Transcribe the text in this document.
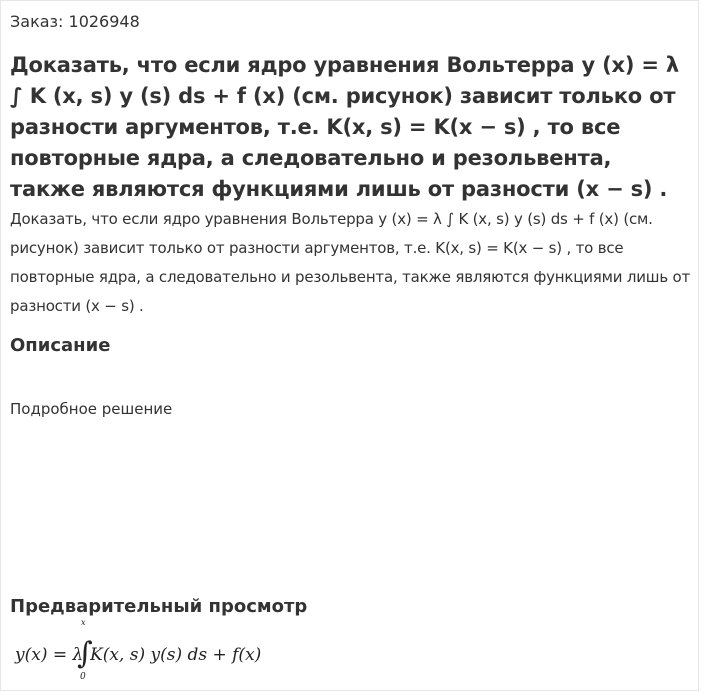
Заказ: 1026948
Доказать, что если ядро уравнения Вольтерра y (x) = λ ∫ K (x, s) y (s) ds + f (x) (см. рисунок) зависит только от разности аргументов, т.е. K(x, s) = K(x − s) , то все повторные ядра, а следовательно и резольвента, также являются функциями лишь от разности (x − s) .

Доказать, что если ядро уравнения Вольтерра y (x) = λ ∫ K (x, s) y (s) ds + f (x) (см. рисунок) зависит только от разности аргументов, т.е. K(x, s) = K(x − s) , то все повторные ядра, а следовательно и резольвента, также являются функциями лишь от разности (x − s) .

Описание

Подробное решение

Предварительный просмотр
y(x) = λ
x
∫
0
K(x, s) y(s) ds + f(x)
